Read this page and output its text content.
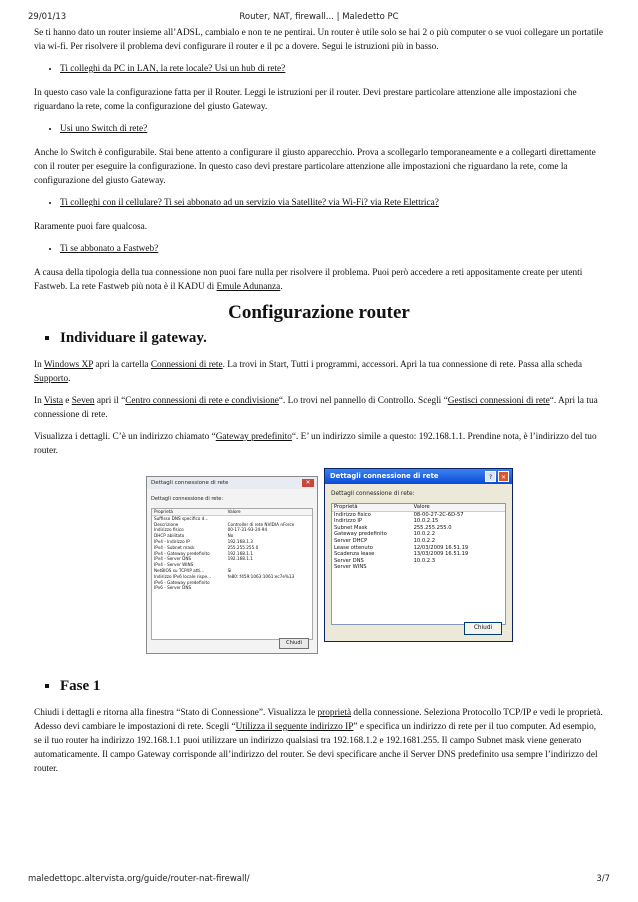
29/01/13	Router, NAT, firewall... | Maledetto PC

Se ti hanno dato un router insieme all’ADSL, cambialo e non te ne pentirai. Un router è utile solo se hai 2 o più computer o se vuoi collegare un portatile via wi-fi. Per risolvere il problema devi configurare il router e il pc a dovere. Segui le istruzioni più in basso.

• Ti colleghi da PC in LAN, la rete locale? Usi un hub di rete?

In questo caso vale la configurazione fatta per il Router. Leggi le istruzioni per il router. Devi prestare particolare attenzione alle impostazioni che riguardano la rete, come la configurazione del giusto Gateway.

• Usi uno Switch di rete?

Anche lo Switch è configurabile. Stai bene attento a configurare il giusto apparecchio. Prova a scollegarlo temporaneamente e a collegarti direttamente con il router per eseguire la configurazione. In questo caso devi prestare particolare attenzione alle impostazioni che riguardano la rete, come la configurazione del giusto Gateway.

• Ti colleghi con il cellulare? Ti sei abbonato ad un servizio via Satellite? via Wi-Fi? via Rete Elettrica?

Raramente puoi fare qualcosa.

• Ti se abbonato a Fastweb?

A causa della tipologia della tua connessione non puoi fare nulla per risolvere il problema. Puoi però accedere a reti appositamente create per utenti Fastweb. La rete Fastweb più nota è il KADU di Emule Adunanza.

Configurazione router
▪ Individuare il gateway.

In Windows XP apri la cartella Connessioni di rete. La trovi in Start, Tutti i programmi, accessori. Apri la tua connessione di rete. Passa alla scheda Supporto.

In Vista e Seven apri il “Centro connessioni di rete e condivisione“. Lo trovi nel pannello di Controllo. Scegli “Gestisci connessioni di rete“. Apri la tua connessione di rete.

Visualizza i dettagli. C’è un indirizzo chiamato “Gateway predefinito“. E’ un indirizzo simile a questo: 192.168.1.1. Prendine nota, è l’indirizzo del tuo router.

Dettagli connessione di rete	✕
Dettagli connessione di rete:
Proprietà	Valore
Suffisso DNS specifico d...	
Descrizione	Controller di rete NVIDIA nForce
Indirizzo fisico	00-17-31-93-24-94
DHCP abilitato	No
IPv4 - Indirizzo IP	192.168.1.3
IPv4 - Subnet mask	255.255.255.0
IPv4 - Gateway predefinito	192.168.1.1
IPv4 - Server DNS	192.168.1.1
IPv4 - Server WINS	
NetBIOS su TCP/IP atti...	Sì
Indirizzo IPv6 locale rispe...	fe80::f459:1063:1061:ec7e%13
IPv6 - Gateway predefinito	
IPv6 - Server DNS	
Chiudi
Dettagli connessione di rete	?	✕
Dettagli connessione di rete:
Proprietà	Valore
Indirizzo fisico	08-00-27-2C-6D-57
Indirizzo IP	10.0.2.15
Subnet Mask	255.255.255.0
Gateway predefinito	10.0.2.2
Server DHCP	10.0.2.2
Lease ottenuto	12/03/2009 16.51.19
Scadenza lease	13/03/2009 16.51.19
Server DNS	10.0.2.3
Server WINS	
Chiudi
▪ Fase 1

Chiudi i dettagli e ritorna alla finestra “Stato di Connessione”. Visualizza le proprietà della connessione. Seleziona Protocollo TCP/IP e vedi le proprietà. Adesso devi cambiare le impostazioni di rete. Scegli “Utilizza il seguente indirizzo IP” e specifica un indirizzo di rete per il tuo computer. Ad esempio, se il tuo router ha indirizzo 192.168.1.1 puoi utilizzare un indirizzo qualsiasi tra 192.168.1.2 e 192.1681.255. Il campo Subnet mask viene generato automaticamente. Il campo Gateway corrisponde all’indirizzo del router. Se devi specificare anche il Server DNS predefinito usa sempre l’indirizzo del router.

maledettopc.altervista.org/guide/router-nat-firewall/	3/7
